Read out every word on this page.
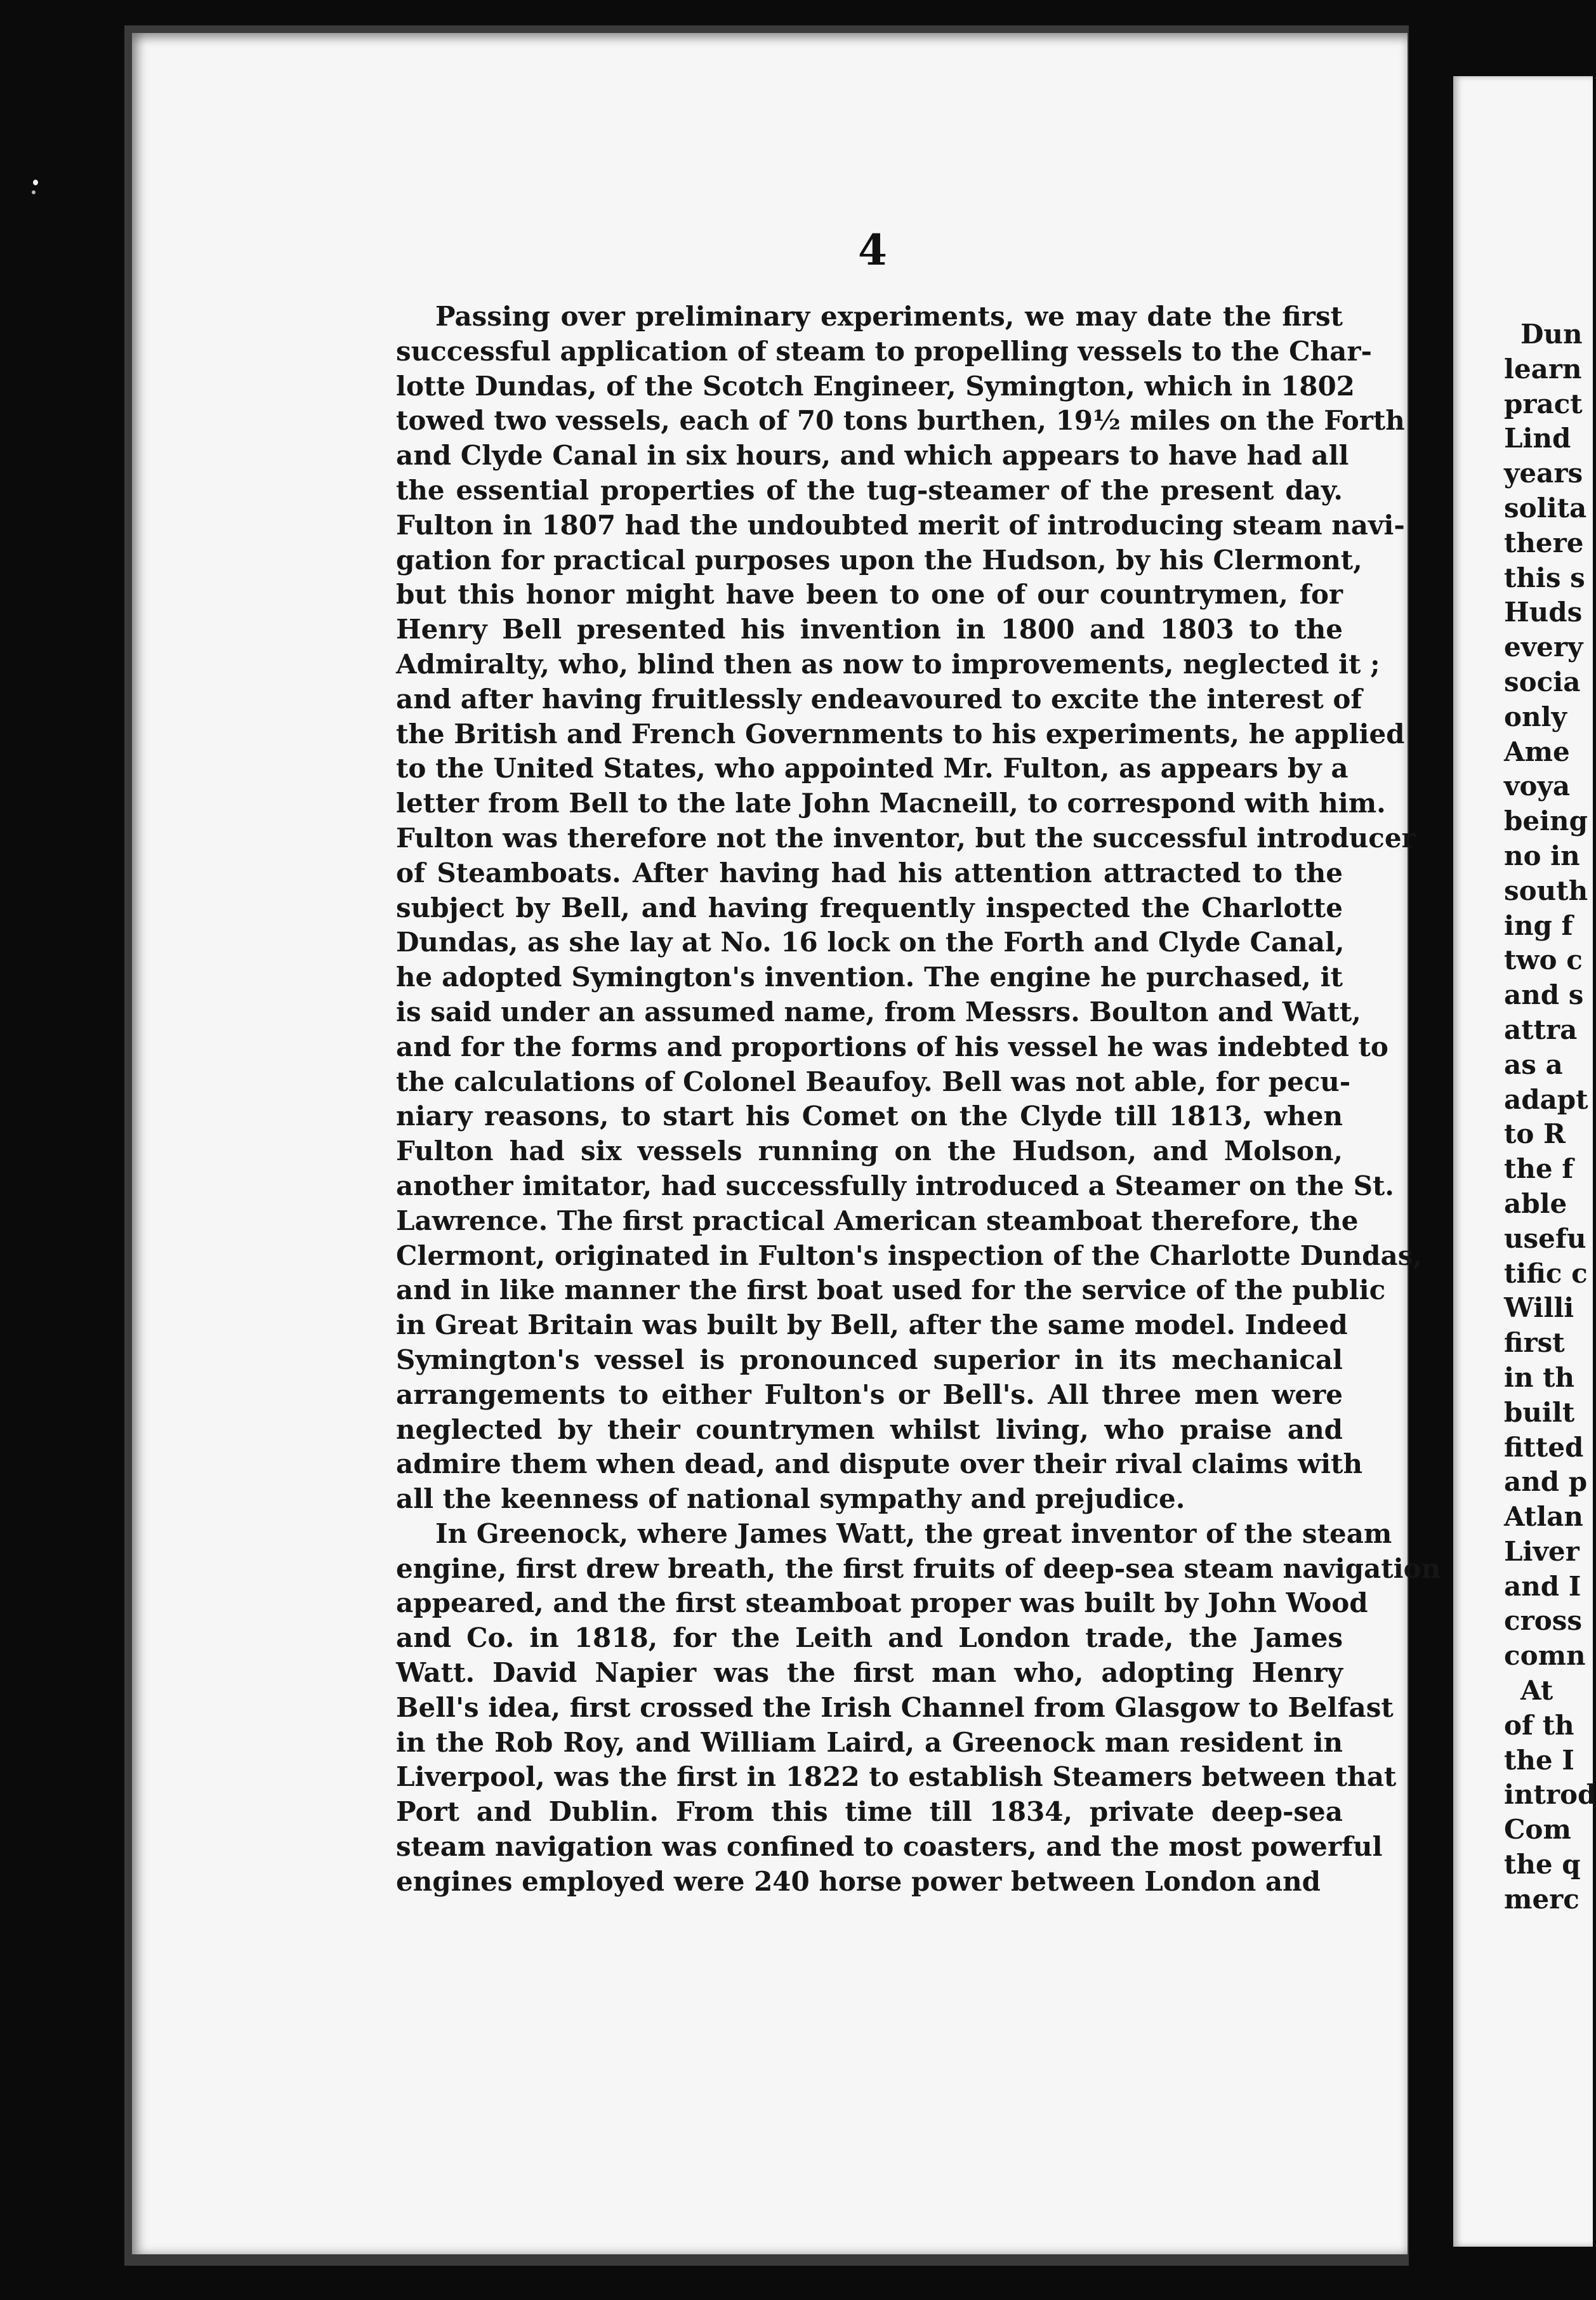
4
Passing over preliminary experiments, we may date the first
successful application of steam to propelling vessels to the Char-
lotte Dundas, of the Scotch Engineer, Symington, which in 1802
towed two vessels, each of 70 tons burthen, 19½ miles on the Forth
and Clyde Canal in six hours, and which appears to have had all
the essential properties of the tug-steamer of the present day.
Fulton in 1807 had the undoubted merit of introducing steam navi-
gation for practical purposes upon the Hudson, by his Clermont,
but this honor might have been to one of our countrymen, for
Henry Bell presented his invention in 1800 and 1803 to the
Admiralty, who, blind then as now to improvements, neglected it ;
and after having fruitlessly endeavoured to excite the interest of
the British and French Governments to his experiments, he applied
to the United States, who appointed Mr. Fulton, as appears by a
letter from Bell to the late John Macneill, to correspond with him.
Fulton was therefore not the inventor, but the successful introducer
of Steamboats. After having had his attention attracted to the
subject by Bell, and having frequently inspected the Charlotte
Dundas, as she lay at No. 16 lock on the Forth and Clyde Canal,
he adopted Symington's invention. The engine he purchased, it
is said under an assumed name, from Messrs. Boulton and Watt,
and for the forms and proportions of his vessel he was indebted to
the calculations of Colonel Beaufoy. Bell was not able, for pecu-
niary reasons, to start his Comet on the Clyde till 1813, when
Fulton had six vessels running on the Hudson, and Molson,
another imitator, had successfully introduced a Steamer on the St.
Lawrence. The first practical American steamboat therefore, the
Clermont, originated in Fulton's inspection of the Charlotte Dundas,
and in like manner the first boat used for the service of the public
in Great Britain was built by Bell, after the same model. Indeed
Symington's vessel is pronounced superior in its mechanical
arrangements to either Fulton's or Bell's. All three men were
neglected by their countrymen whilst living, who praise and
admire them when dead, and dispute over their rival claims with
all the keenness of national sympathy and prejudice.
In Greenock, where James Watt, the great inventor of the steam
engine, first drew breath, the first fruits of deep-sea steam navigation
appeared, and the first steamboat proper was built by John Wood
and Co. in 1818, for the Leith and London trade, the James
Watt. David Napier was the first man who, adopting Henry
Bell's idea, first crossed the Irish Channel from Glasgow to Belfast
in the Rob Roy, and William Laird, a Greenock man resident in
Liverpool, was the first in 1822 to establish Steamers between that
Port and Dublin. From this time till 1834, private deep-sea
steam navigation was confined to coasters, and the most powerful
engines employed were 240 horse power between London and
Dun
learn
pract
Lind
years
solita
there
this s
Huds
every
socia
only
Ame
voya
being
no in
south
ing f
two c
and s
attra
as a
adapt
to R
the f
able
usefu
tific c
Willi
first
in th
built
fitted
and p
Atlan
Liver
and I
cross
comn
At
of th
the I
introd
Com
the q
merc
